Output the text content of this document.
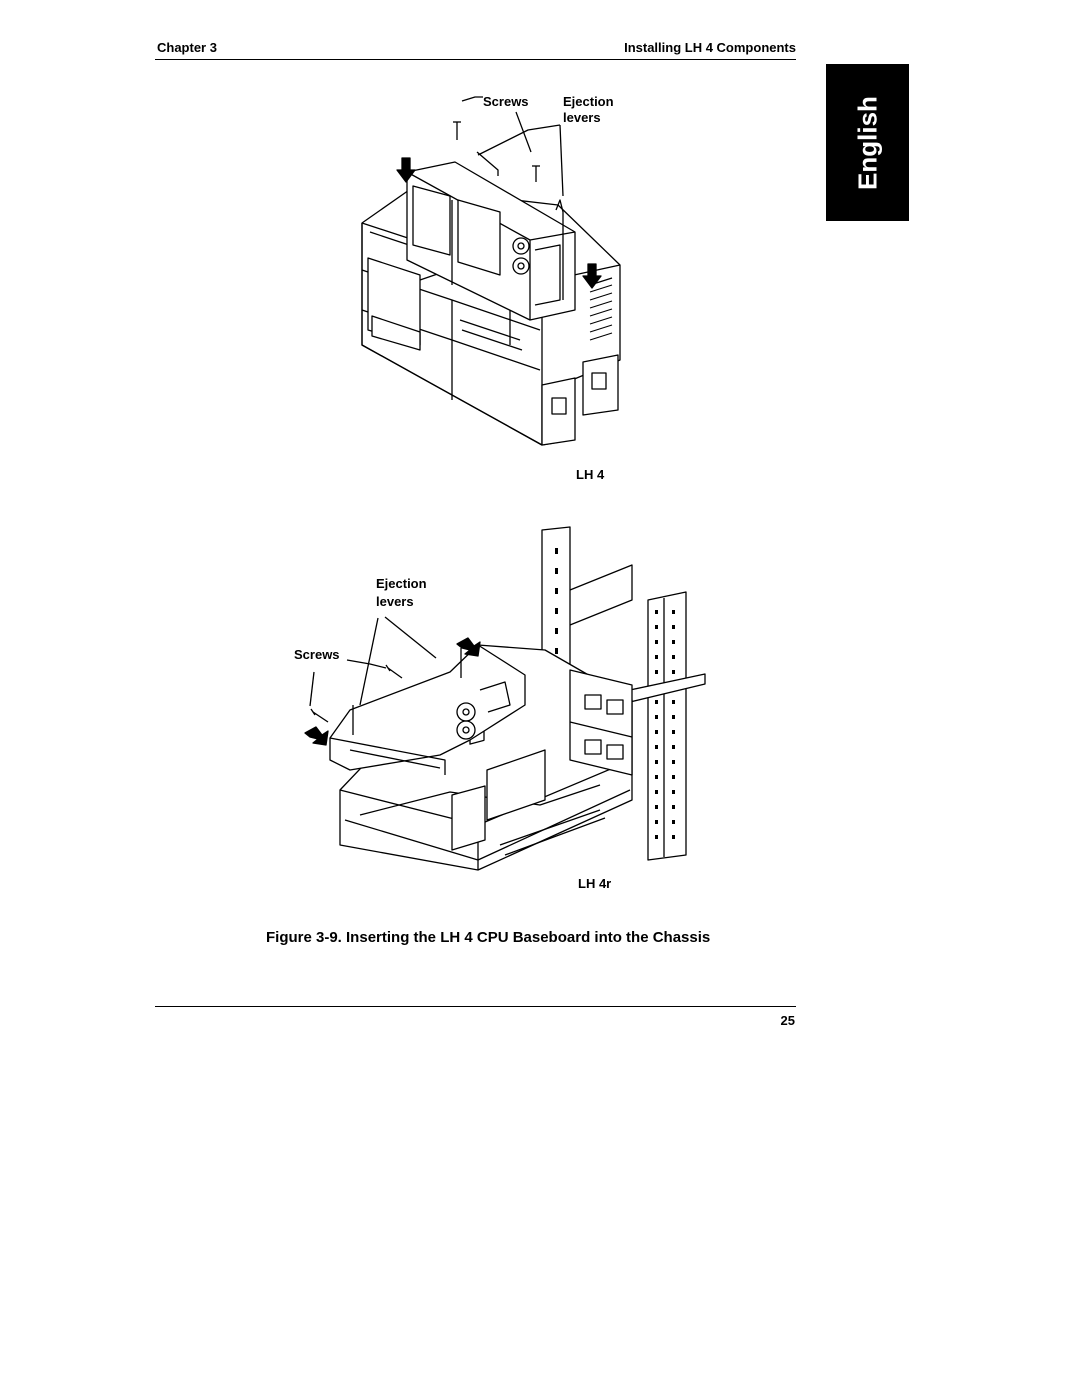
Chapter 3	Installing LH 4 Components
English
Screws	Ejection
levers
LH 4
Ejection
levers
Screws
LH 4r
Figure 3-9. Inserting the LH 4 CPU Baseboard into the Chassis
25
